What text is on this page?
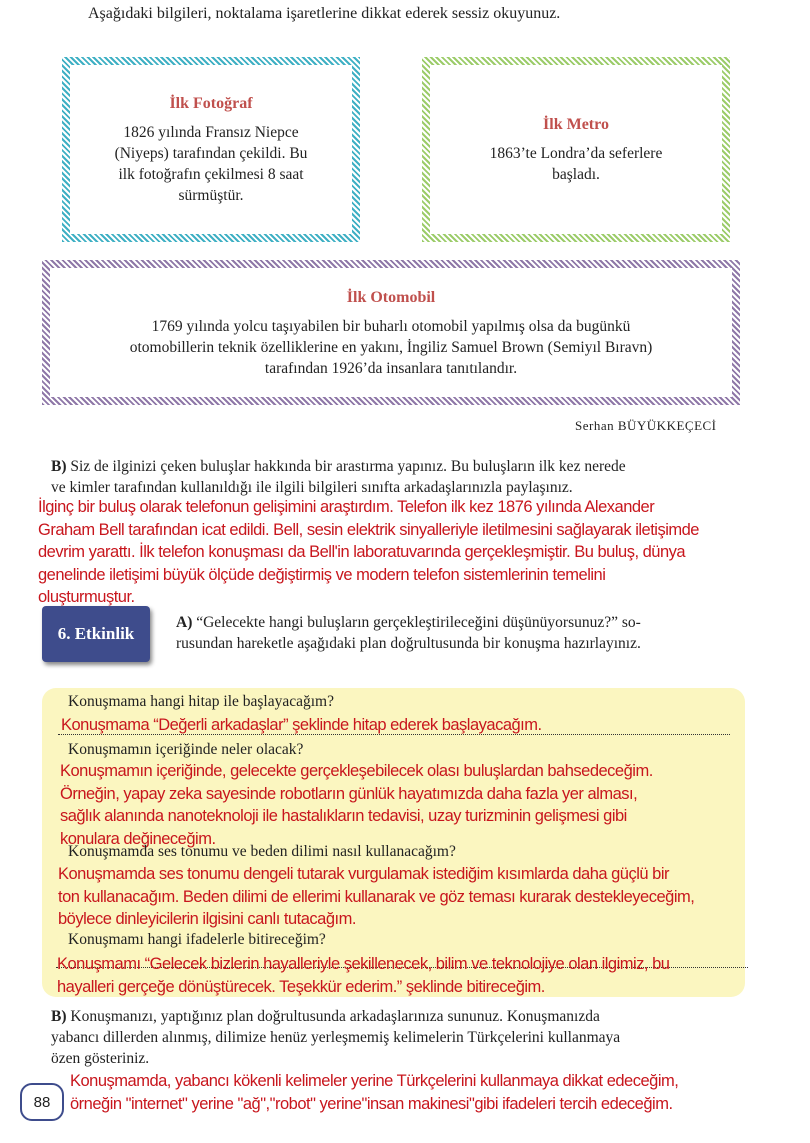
Aşağıdaki bilgileri, noktalama işaretlerine dikkat ederek sessiz okuyunuz.
İlk Fotoğraf
1826 yılında Fransız Niepce
(Niyeps) tarafından çekildi. Bu
ilk fotoğrafın çekilmesi 8 saat
sürmüştür.
İlk Metro
1863’te Londra’da seferlere
başladı.
İlk Otomobil
1769 yılında yolcu taşıyabilen bir buharlı otomobil yapılmış olsa da bugünkü
otomobillerin teknik özelliklerine en yakını, İngiliz Samuel Brown (Semiyıl Bıravn)
tarafından 1926’da insanlara tanıtılandır.
Serhan BÜYÜKKEÇECİ
B) Siz de ilginizi çeken buluşlar hakkında bir arastırma yapınız. Bu buluşların ilk kez nerede
ve kimler tarafından kullanıldığı ile ilgili bilgileri sınıfta arkadaşlarınızla paylaşınız.
İlginç bir buluş olarak telefonun gelişimini araştırdım. Telefon ilk kez 1876 yılında Alexander
Graham Bell tarafından icat edildi. Bell, sesin elektrik sinyalleriyle iletilmesini sağlayarak iletişimde
devrim yarattı. İlk telefon konuşması da Bell'in laboratuvarında gerçekleşmiştir. Bu buluş, dünya
genelinde iletişimi büyük ölçüde değiştirmiş ve modern telefon sistemlerinin temelini
oluşturmuştur.
6. Etkinlik
A) “Gelecekte hangi buluşların gerçekleştirileceğini düşünüyorsunuz?” so-
rusundan hareketle aşağıdaki plan doğrultusunda bir konuşma hazırlayınız.
Konuşmama hangi hitap ile başlayacağım?
Konuşmama “Değerli arkadaşlar” şeklinde hitap ederek başlayacağım.
Konuşmamın içeriğinde neler olacak?
Konuşmamın içeriğinde, gelecekte gerçekleşebilecek olası buluşlardan bahsedeceğim.
Örneğin, yapay zeka sayesinde robotların günlük hayatımızda daha fazla yer alması,
sağlık alanında nanoteknoloji ile hastalıkların tedavisi, uzay turizminin gelişmesi gibi
konulara değineceğim.
Konuşmamda ses tonumu ve beden dilimi nasıl kullanacağım?
Konuşmamda ses tonumu dengeli tutarak vurgulamak istediğim kısımlarda daha güçlü bir
ton kullanacağım. Beden dilimi de ellerimi kullanarak ve göz teması kurarak destekleyeceğim,
böylece dinleyicilerin ilgisini canlı tutacağım.
Konuşmamı hangi ifadelerle bitireceğim?
Konuşmamı “Gelecek bizlerin hayalleriyle şekillenecek, bilim ve teknolojiye olan ilgimiz, bu
hayalleri gerçeğe dönüştürecek. Teşekkür ederim.” şeklinde bitireceğim.
B) Konuşmanızı, yaptığınız plan doğrultusunda arkadaşlarınıza sununuz. Konuşmanızda
yabancı dillerden alınmış, dilimize henüz yerleşmemiş kelimelerin Türkçelerini kullanmaya
özen gösteriniz.
Konuşmamda, yabancı kökenli kelimeler yerine Türkçelerini kullanmaya dikkat edeceğim,
örneğin "internet" yerine "ağ","robot" yerine"insan makinesi"gibi ifadeleri tercih edeceğim.
88
